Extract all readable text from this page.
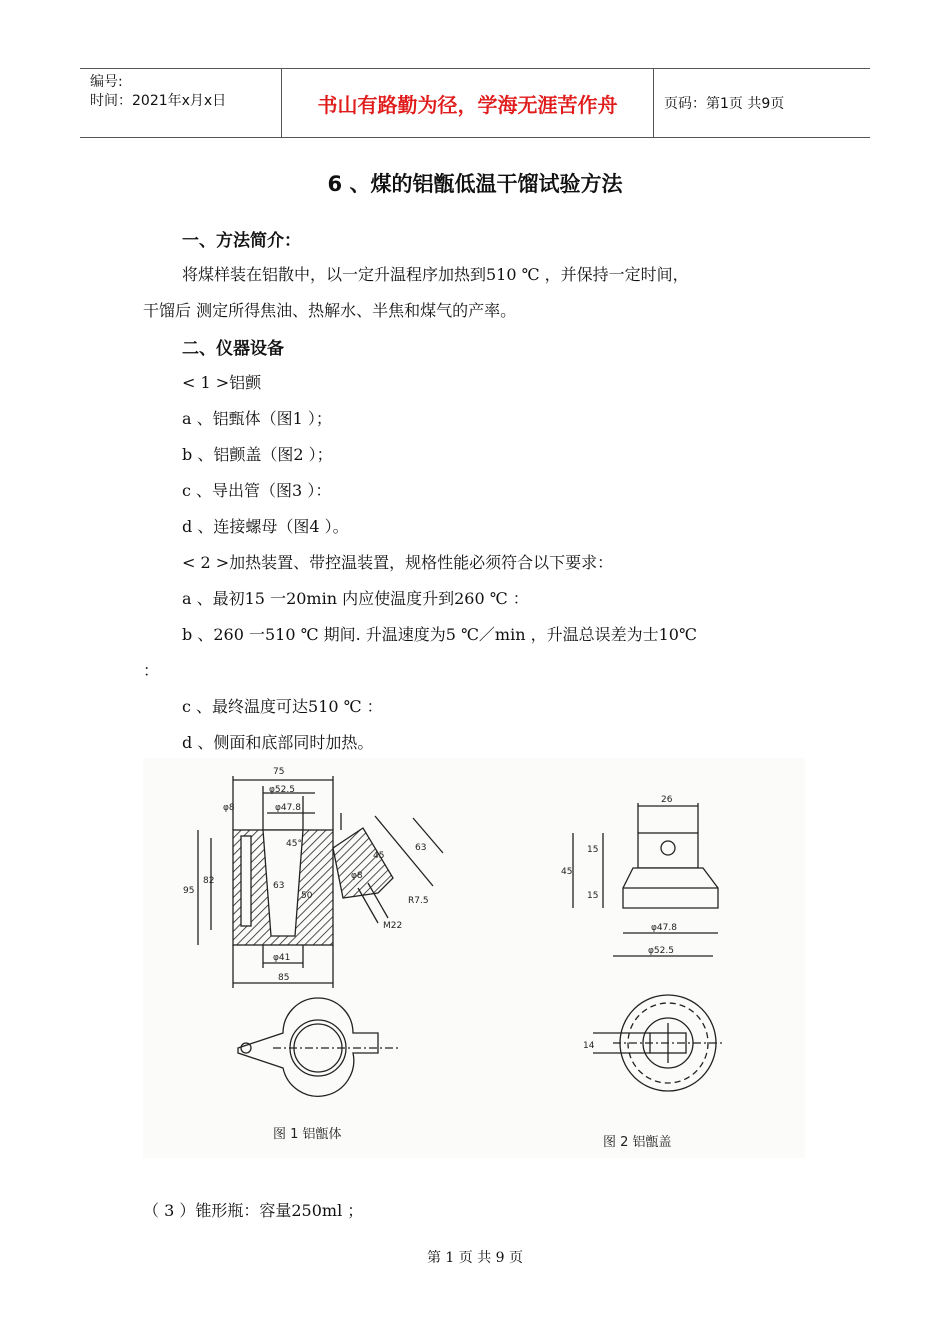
编号:
时间：2021年x月x日	书山有路勤为径，学海无涯苦作舟	页码：第1页 共9页
6 、煤的铝甑低温干馏试验方法
一、方法简介：
将煤样装在铝散中，以一定升温程序加热到510 ℃ ，并保持一定时间，
干馏后 测定所得焦油、热解水、半焦和煤气的产率。
二、仪器设备
< 1 >铝颤
a 、铝甄体（图1 ）；
b 、铝颤盖（图2 ）；
c 、导出管（图3 ）：
d 、连接螺母（图4 ）。
< 2 >加热装置、带控温装置，规格性能必须符合以下要求：
a 、最初15 一20min 内应使温度升到260 ℃ ：
b 、260 一510 ℃ 期间. 升温速度为5 ℃／min ，升温总误差为士10℃
：
c 、最终温度可达510 ℃ ：
d 、侧面和底部同时加热。
75
φ52.5
φ47.8
φ8
45°
95
82	63
50
φ41
85
45
63
φ8
R7.5
M22
26
15
45
15
φ47.8
φ52.5
14
图 1 铝甑体
图 2 铝甑盖
（ 3 ）锥形瓶：容量250ml ；
第 1 页 共 9 页
